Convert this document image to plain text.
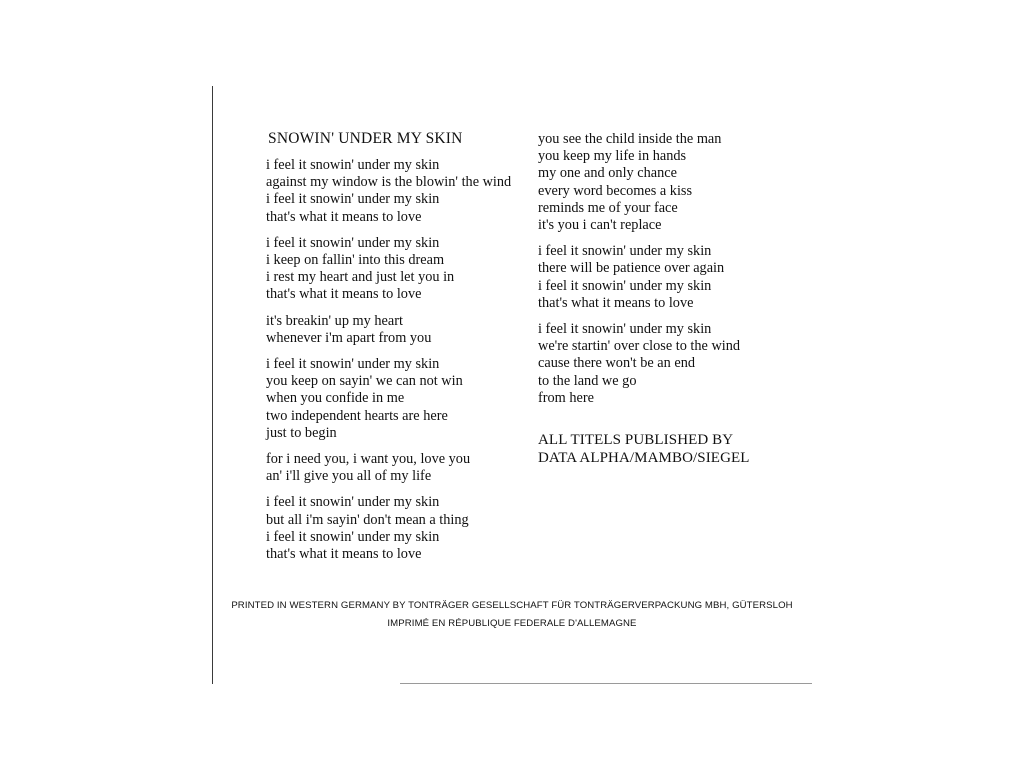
SNOWIN' UNDER MY SKIN
i feel it snowin' under my skin
against my window is the blowin' the wind
i feel it snowin' under my skin
that's what it means to love
i feel it snowin' under my skin
i keep on fallin' into this dream
i rest my heart and just let you in
that's what it means to love
it's breakin' up my heart
whenever i'm apart from you
i feel it snowin' under my skin
you keep on sayin' we can not win
when you confide in me
two independent hearts are here
just to begin
for i need you, i want you, love you
an' i'll give you all of my life
i feel it snowin' under my skin
but all i'm sayin' don't mean a thing
i feel it snowin' under my skin
that's what it means to love
you see the child inside the man
you keep my life in hands
my one and only chance
every word becomes a kiss
reminds me of your face
it's you i can't replace
i feel it snowin' under my skin
there will be patience over again
i feel it snowin' under my skin
that's what it means to love
i feel it snowin' under my skin
we're startin' over close to the wind
cause there won't be an end
to the land we go
from here
ALL TITELS PUBLISHED BY
DATA ALPHA/MAMBO/SIEGEL
PRINTED IN WESTERN GERMANY BY TONTRÄGER GESELLSCHAFT FÜR TONTRÄGERVERPACKUNG MBH, GÜTERSLOH
IMPRIMÉ EN RÉPUBLIQUE FEDERALE D'ALLEMAGNE
